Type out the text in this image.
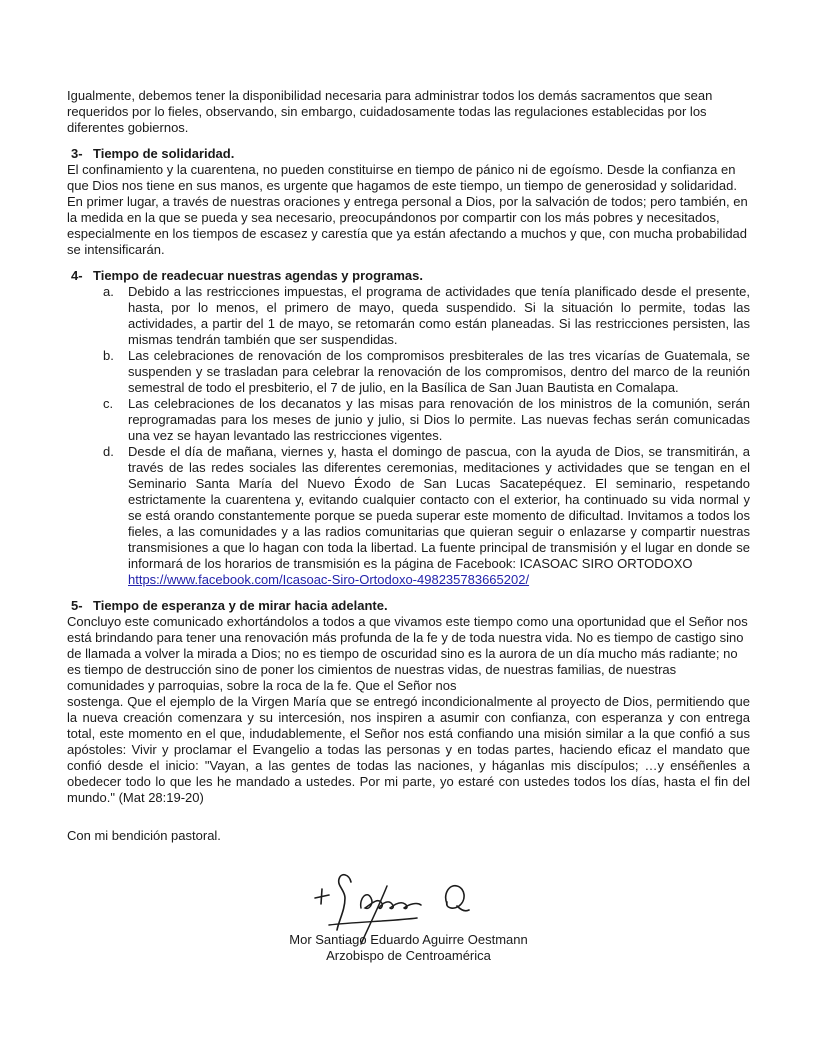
Igualmente, debemos tener la disponibilidad necesaria para administrar todos los demás sacramentos que sean requeridos por lo fieles, observando, sin embargo, cuidadosamente todas las regulaciones establecidas por los diferentes gobiernos.

3- Tiempo de solidaridad.

El confinamiento y la cuarentena, no pueden constituirse en tiempo de pánico ni de egoísmo. Desde la confianza en que Dios nos tiene en sus manos, es urgente que hagamos de este tiempo, un tiempo de generosidad y solidaridad. En primer lugar, a través de nuestras oraciones y entrega personal a Dios, por la salvación de todos; pero también, en la medida en la que se pueda y sea necesario, preocupándonos por compartir con los más pobres y necesitados, especialmente en los tiempos de escasez y carestía que ya están afectando a muchos y que, con mucha probabilidad se intensificarán.

4- Tiempo de readecuar nuestras agendas y programas.
a.	Debido a las restricciones impuestas, el programa de actividades que tenía planificado desde el presente, hasta, por lo menos, el primero de mayo, queda suspendido. Si la situación lo permite, todas las actividades, a partir del 1 de mayo, se retomarán como están planeadas. Si las restricciones persisten, las mismas tendrán también que ser suspendidas.

b.	Las celebraciones de renovación de los compromisos presbiterales de las tres vicarías de Guatemala, se suspenden y se trasladan para celebrar la renovación de los compromisos, dentro del marco de la reunión semestral de todo el presbiterio, el 7 de julio, en la Basílica de San Juan Bautista en Comalapa.

c.	Las celebraciones de los decanatos y las misas para renovación de los ministros de la comunión, serán reprogramadas para los meses de junio y julio, si Dios lo permite. Las nuevas fechas serán comunicadas una vez se hayan levantado las restricciones vigentes.

d.	Desde el día de mañana, viernes y, hasta el domingo de pascua, con la ayuda de Dios, se transmitirán, a través de las redes sociales las diferentes ceremonias, meditaciones y actividades que se tengan en el Seminario Santa María del Nuevo Éxodo de San Lucas Sacatepéquez. El seminario, respetando estrictamente la cuarentena y, evitando cualquier contacto con el exterior, ha continuado su vida normal y se está orando constantemente porque se pueda superar este momento de dificultad. Invitamos a todos los fieles, a las comunidades y a las radios comunitarias que quieran seguir o enlazarse y compartir nuestras transmisiones a que lo hagan con toda la libertad. La fuente principal de transmisión y el lugar en donde se informará de los horarios de transmisión es la página de Facebook: ICASOAC SIRO ORTODOXO

https://www.facebook.com/Icasoac-Siro-Ortodoxo-498235783665202/
5- Tiempo de esperanza y de mirar hacia adelante.

Concluyo este comunicado exhortándolos a todos a que vivamos este tiempo como una oportunidad que el Señor nos está brindando para tener una renovación más profunda de la fe y de toda nuestra vida. No es tiempo de castigo sino de llamada a volver la mirada a Dios; no es tiempo de oscuridad sino es la aurora de un día mucho más radiante; no es tiempo de destrucción sino de poner los cimientos de nuestras vidas, de nuestras familias, de nuestras comunidades y parroquias, sobre la roca de la fe. Que el Señor nos

sostenga. Que el ejemplo de la Virgen María que se entregó incondicionalmente al proyecto de Dios, permitiendo que la nueva creación comenzara y su intercesión, nos inspiren a asumir con confianza, con esperanza y con entrega total, este momento en el que, indudablemente, el Señor nos está confiando una misión similar a la que confió a sus apóstoles: Vivir y proclamar el Evangelio a todas las personas y en todas partes, haciendo eficaz el mandato que confió desde el inicio: "Vayan, a las gentes de todas las naciones, y háganlas mis discípulos; …y enséñenles a obedecer todo lo que les he mandado a ustedes. Por mi parte, yo estaré con ustedes todos los días, hasta el fin del mundo." (Mat 28:19-20)

Con mi bendición pastoral.

Mor Santiago Eduardo Aguirre Oestmann
Arzobispo de Centroamérica
